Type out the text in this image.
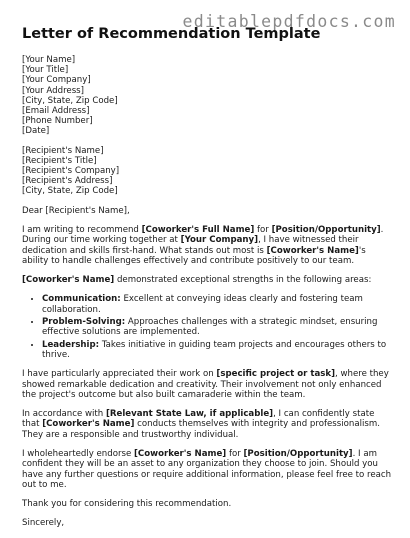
editablepdfdocs.com
Letter of Recommendation Template
[Your Name]
[Your Title]
[Your Company]
[Your Address]
[City, State, Zip Code]
[Email Address]
[Phone Number]
[Date]
[Recipient's Name]
[Recipient's Title]
[Recipient's Company]
[Recipient's Address]
[City, State, Zip Code]

Dear [Recipient's Name],

I am writing to recommend [Coworker's Full Name] for [Position/Opportunity]. During our time working together at [Your Company], I have witnessed their dedication and skills first-hand. What stands out most is [Coworker's Name]'s ability to handle challenges effectively and contribute positively to our team.

[Coworker's Name] demonstrated exceptional strengths in the following areas:

• Communication: Excellent at conveying ideas clearly and fostering team collaboration.
• Problem-Solving: Approaches challenges with a strategic mindset, ensuring effective solutions are implemented.
• Leadership: Takes initiative in guiding team projects and encourages others to thrive.

I have particularly appreciated their work on [specific project or task], where they showed remarkable dedication and creativity. Their involvement not only enhanced the project's outcome but also built camaraderie within the team.

In accordance with [Relevant State Law, if applicable], I can confidently state that [Coworker's Name] conducts themselves with integrity and professionalism. They are a responsible and trustworthy individual.

I wholeheartedly endorse [Coworker's Name] for [Position/Opportunity]. I am confident they will be an asset to any organization they choose to join. Should you have any further questions or require additional information, please feel free to reach out to me.

Thank you for considering this recommendation.

Sincerely,
